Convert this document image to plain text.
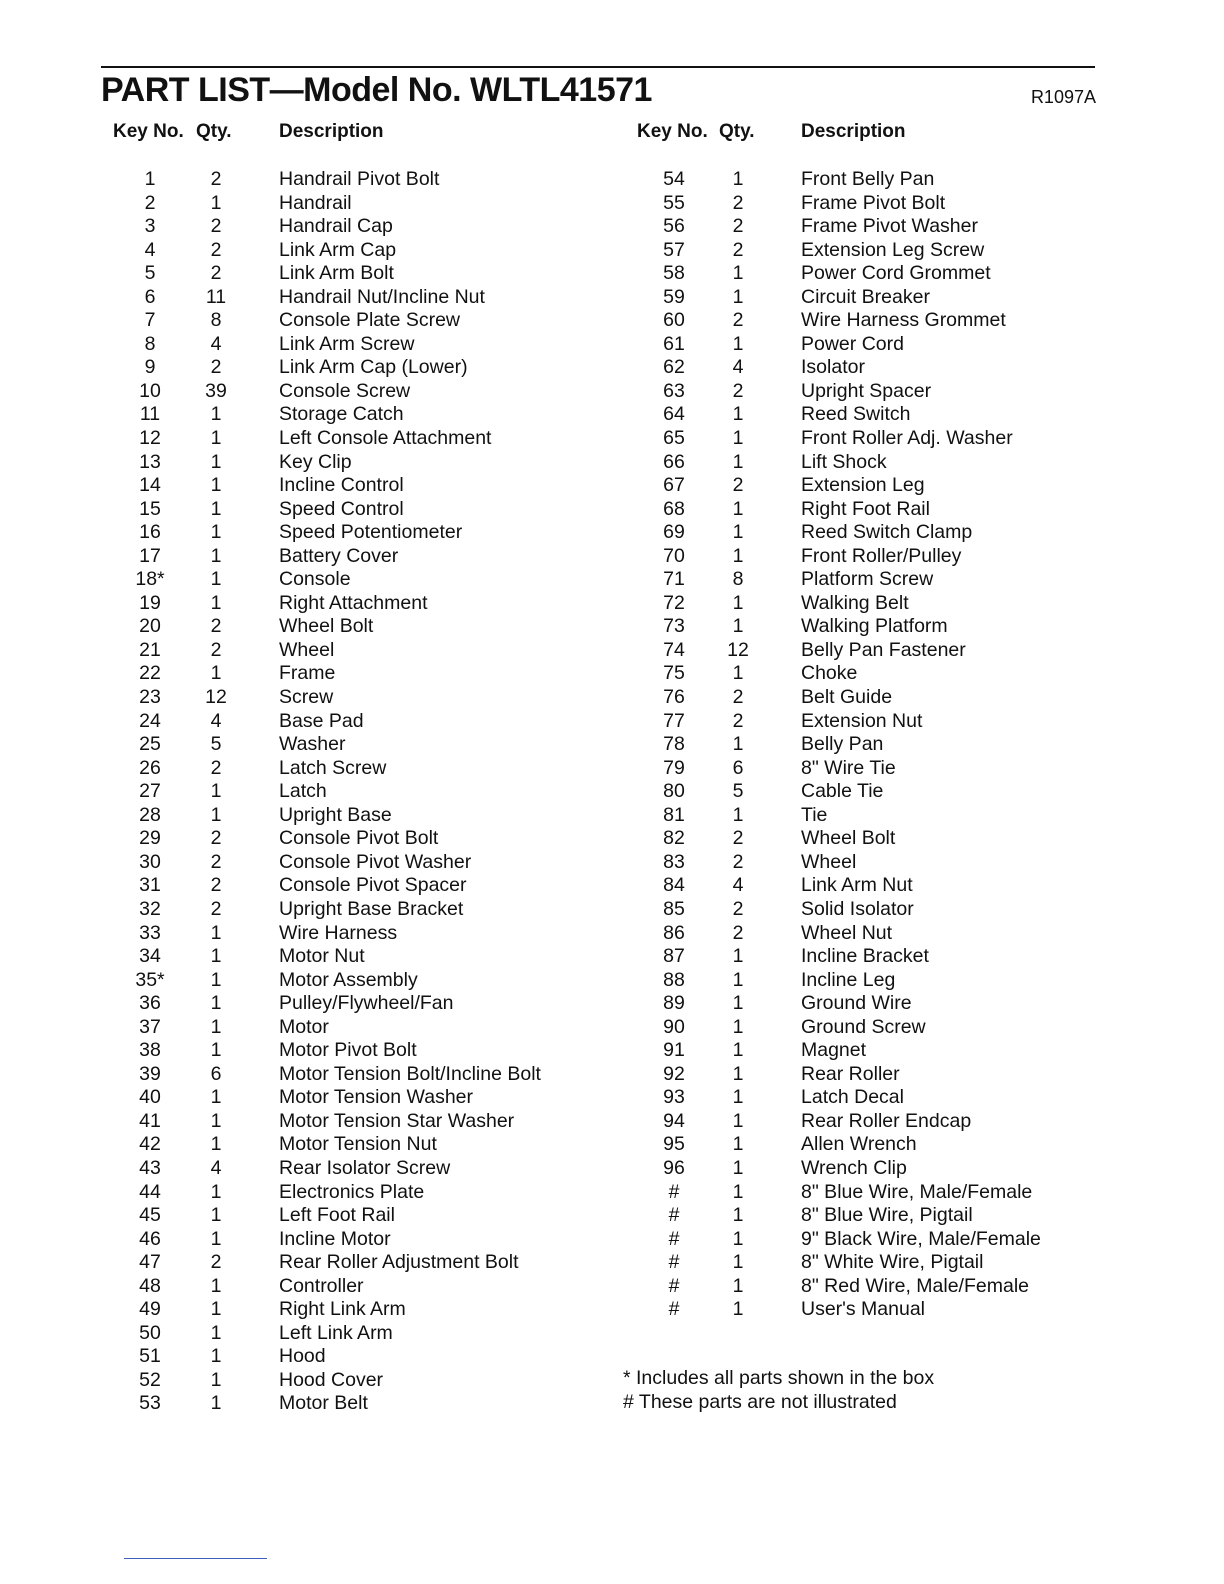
PART LIST—Model No. WLTL41571	R1097A
Key No. Qty. Description	Key No. Qty. Description
1	2	Handrail Pivot Bolt
2	1	Handrail
3	2	Handrail Cap
4	2	Link Arm Cap
5	2	Link Arm Bolt
6	11	Handrail Nut/Incline Nut
7	8	Console Plate Screw
8	4	Link Arm Screw
9	2	Link Arm Cap (Lower)
10	39	Console Screw
11	1	Storage Catch
12	1	Left Console Attachment
13	1	Key Clip
14	1	Incline Control
15	1	Speed Control
16	1	Speed Potentiometer
17	1	Battery Cover
18*	1	Console
19	1	Right Attachment
20	2	Wheel Bolt
21	2	Wheel
22	1	Frame
23	12	Screw
24	4	Base Pad
25	5	Washer
26	2	Latch Screw
27	1	Latch
28	1	Upright Base
29	2	Console Pivot Bolt
30	2	Console Pivot Washer
31	2	Console Pivot Spacer
32	2	Upright Base Bracket
33	1	Wire Harness
34	1	Motor Nut
35*	1	Motor Assembly
36	1	Pulley/Flywheel/Fan
37	1	Motor
38	1	Motor Pivot Bolt
39	6	Motor Tension Bolt/Incline Bolt
40	1	Motor Tension Washer
41	1	Motor Tension Star Washer
42	1	Motor Tension Nut
43	4	Rear Isolator Screw
44	1	Electronics Plate
45	1	Left Foot Rail
46	1	Incline Motor
47	2	Rear Roller Adjustment Bolt
48	1	Controller
49	1	Right Link Arm
50	1	Left Link Arm
51	1	Hood
52	1	Hood Cover
53	1	Motor Belt
54	1	Front Belly Pan
55	2	Frame Pivot Bolt
56	2	Frame Pivot Washer
57	2	Extension Leg Screw
58	1	Power Cord Grommet
59	1	Circuit Breaker
60	2	Wire Harness Grommet
61	1	Power Cord
62	4	Isolator
63	2	Upright Spacer
64	1	Reed Switch
65	1	Front Roller Adj. Washer
66	1	Lift Shock
67	2	Extension Leg
68	1	Right Foot Rail
69	1	Reed Switch Clamp
70	1	Front Roller/Pulley
71	8	Platform Screw
72	1	Walking Belt
73	1	Walking Platform
74	12	Belly Pan Fastener
75	1	Choke
76	2	Belt Guide
77	2	Extension Nut
78	1	Belly Pan
79	6	8" Wire Tie
80	5	Cable Tie
81	1	Tie
82	2	Wheel Bolt
83	2	Wheel
84	4	Link Arm Nut
85	2	Solid Isolator
86	2	Wheel Nut
87	1	Incline Bracket
88	1	Incline Leg
89	1	Ground Wire
90	1	Ground Screw
91	1	Magnet
92	1	Rear Roller
93	1	Latch Decal
94	1	Rear Roller Endcap
95	1	Allen Wrench
96	1	Wrench Clip
#	1	8" Blue Wire, Male/Female
#	1	8" Blue Wire, Pigtail
#	1	9" Black Wire, Male/Female
#	1	8" White Wire, Pigtail
#	1	8" Red Wire, Male/Female
#	1	User's Manual
* Includes all parts shown in the box
# These parts are not illustrated
